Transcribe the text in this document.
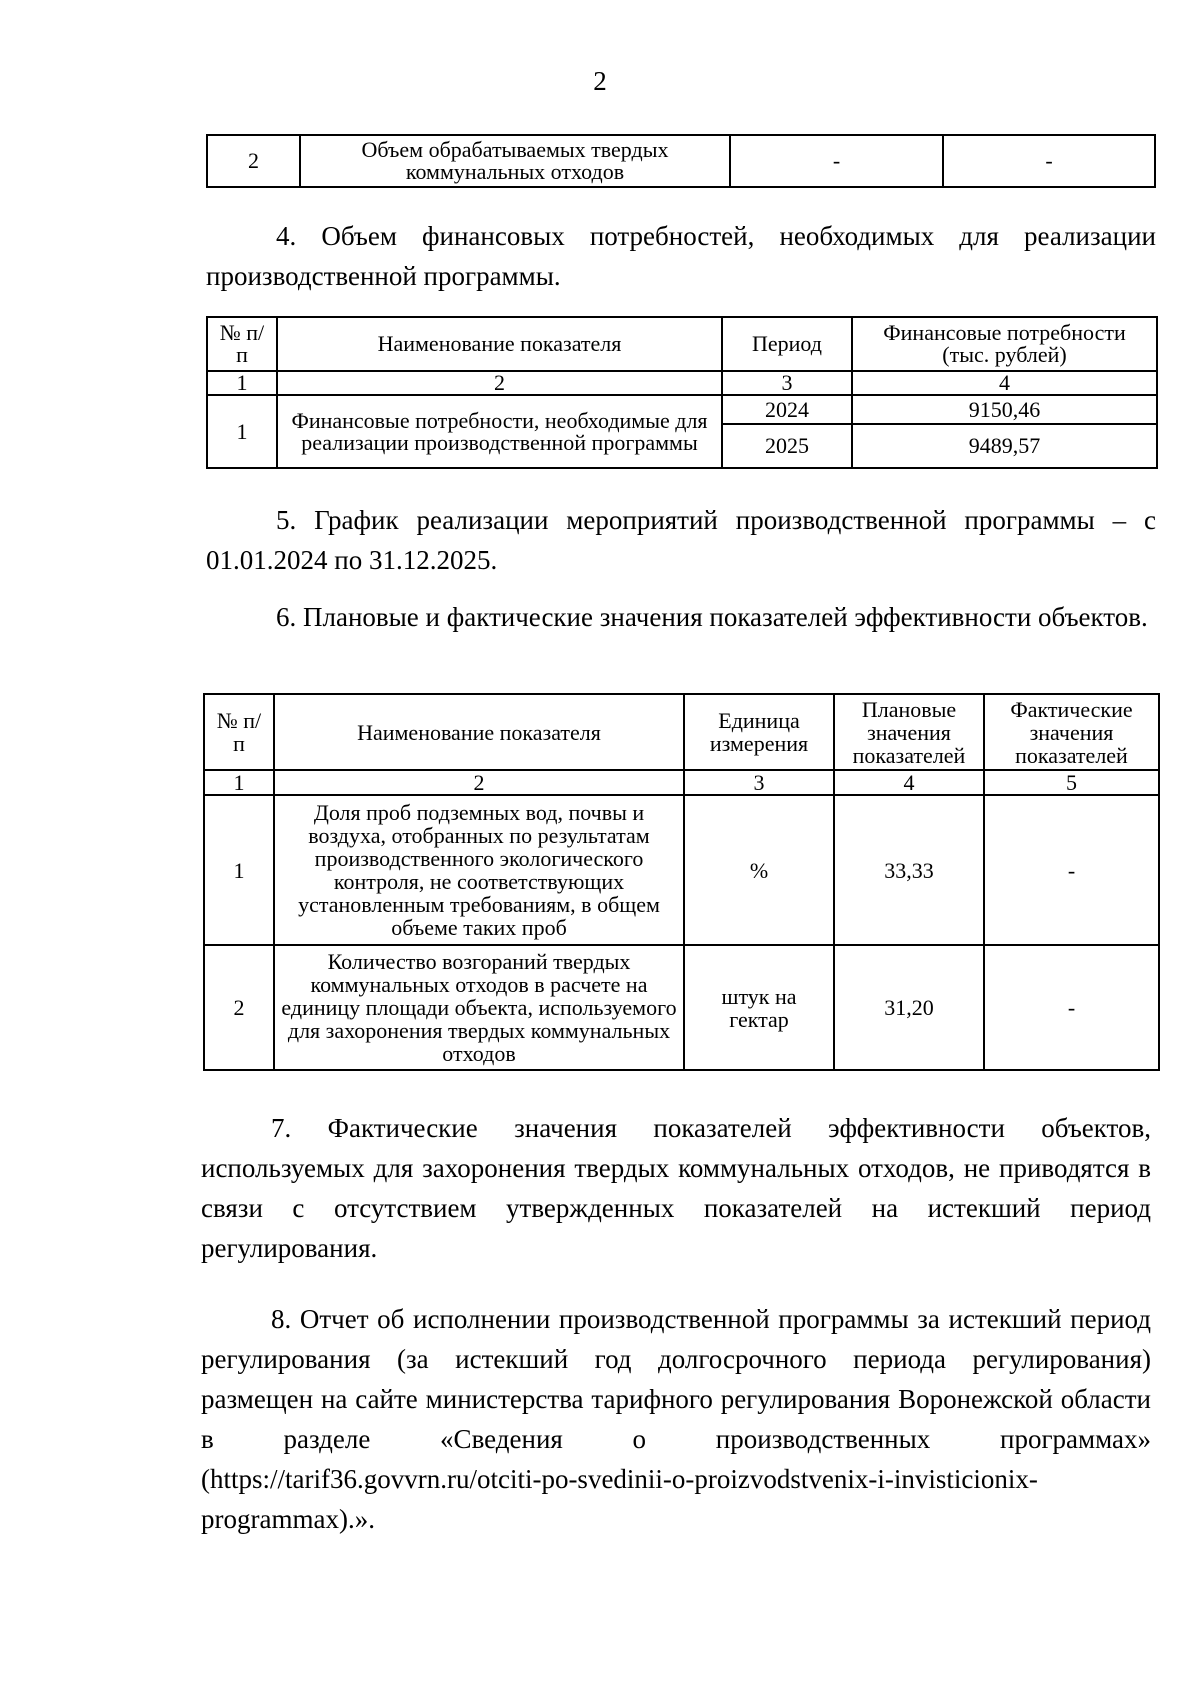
2
2	Объем обрабатываемых твердых коммунальных отходов	-	-

4. Объем финансовых потребностей, необходимых для реализации производственной программы.

№ п/п	Наименование показателя	Период	Финансовые потребности (тыс. рублей)
1	2	3	4
1	Финансовые потребности, необходимые для реализации производственной программы	2024	9150,46
		2025	9489,57

5. График реализации мероприятий производственной программы – с 01.01.2024 по 31.12.2025.

6. Плановые и фактические значения показателей эффективности объектов.

№ п/п	Наименование показателя	Единица измерения	Плановые значения показателей	Фактические значения показателей
1	2	3	4	5
1	Доля проб подземных вод, почвы и воздуха, отобранных по результатам производственного экологического контроля, не соответствующих установленным требованиям, в общем объеме таких проб	%	33,33	-
2	Количество возгораний твердых коммунальных отходов в расчете на единицу площади объекта, используемого для захоронения твердых коммунальных отходов	штук на гектар	31,20	-

7. Фактические значения показателей эффективности объектов, используемых для захоронения твердых коммунальных отходов, не приводятся в связи с отсутствием утвержденных показателей на истекший период регулирования.

8. Отчет об исполнении производственной программы за истекший период регулирования (за истекший год долгосрочного периода регулирования) размещен на сайте министерства тарифного регулирования Воронежской области в разделе «Сведения о производственных программах» (https://tarif36.govvrn.ru/otciti-po-svedinii-o-proizvodstvenix-i-invisticionix-programmax).».
